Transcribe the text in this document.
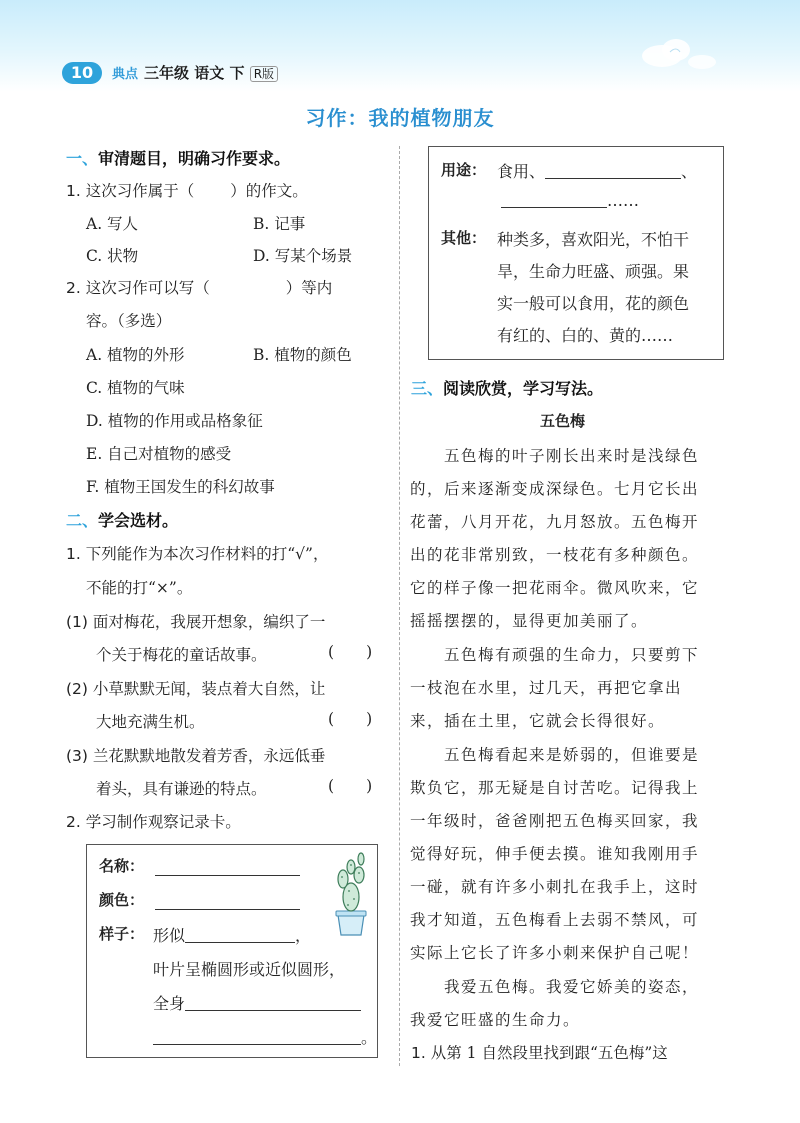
10	典点 三年级 语文 下 R版
习作：我的植物朋友
一、审清题目，明确习作要求。
1. 这次习作属于（ ）的作文。
A. 写人	B. 记事
C. 状物	D. 写某个场景
2. 这次习作可以写（	）等内
容。（多选）
A. 植物的外形	B. 植物的颜色
C. 植物的气味
D. 植物的作用或品格象征
E. 自己对植物的感受
F. 植物王国发生的科幻故事
二、学会选材。
1. 下列能作为本次习作材料的打“√”，
不能的打“×”。
(1) 面对梅花，我展开想象，编织了一
个关于梅花的童话故事。	( )
(2) 小草默默无闻，装点着大自然，让
大地充满生机。	( )
(3) 兰花默默地散发着芳香，永远低垂
着头，具有谦逊的特点。	( )
2. 学习制作观察记录卡。
名称：
颜色：
样子： 形似	，
叶片呈椭圆形或近似圆形，
全身
。
用途： 食用、	、
……
其他： 种类多，喜欢阳光，不怕干
旱，生命力旺盛、顽强。果
实一般可以食用，花的颜色
有红的、白的、黄的……
三、阅读欣赏，学习写法。
五色梅
　　五色梅的叶子刚长出来时是浅绿色
的，后来逐渐变成深绿色。七月它长出
花蕾，八月开花，九月怒放。五色梅开
出的花非常别致，一枝花有多种颜色。
它的样子像一把花雨伞。微风吹来，它
摇摇摆摆的，显得更加美丽了。
　　五色梅有顽强的生命力，只要剪下
一枝泡在水里，过几天，再把它拿出
来，插在土里，它就会长得很好。
　　五色梅看起来是娇弱的，但谁要是
欺负它，那无疑是自讨苦吃。记得我上
一年级时，爸爸刚把五色梅买回家，我
觉得好玩，伸手便去摸。谁知我刚用手
一碰，就有许多小刺扎在我手上，这时
我才知道，五色梅看上去弱不禁风，可
实际上它长了许多小刺来保护自己呢！
　　我爱五色梅。我爱它娇美的姿态，
我爱它旺盛的生命力。
1. 从第 1 自然段里找到跟“五色梅”这
